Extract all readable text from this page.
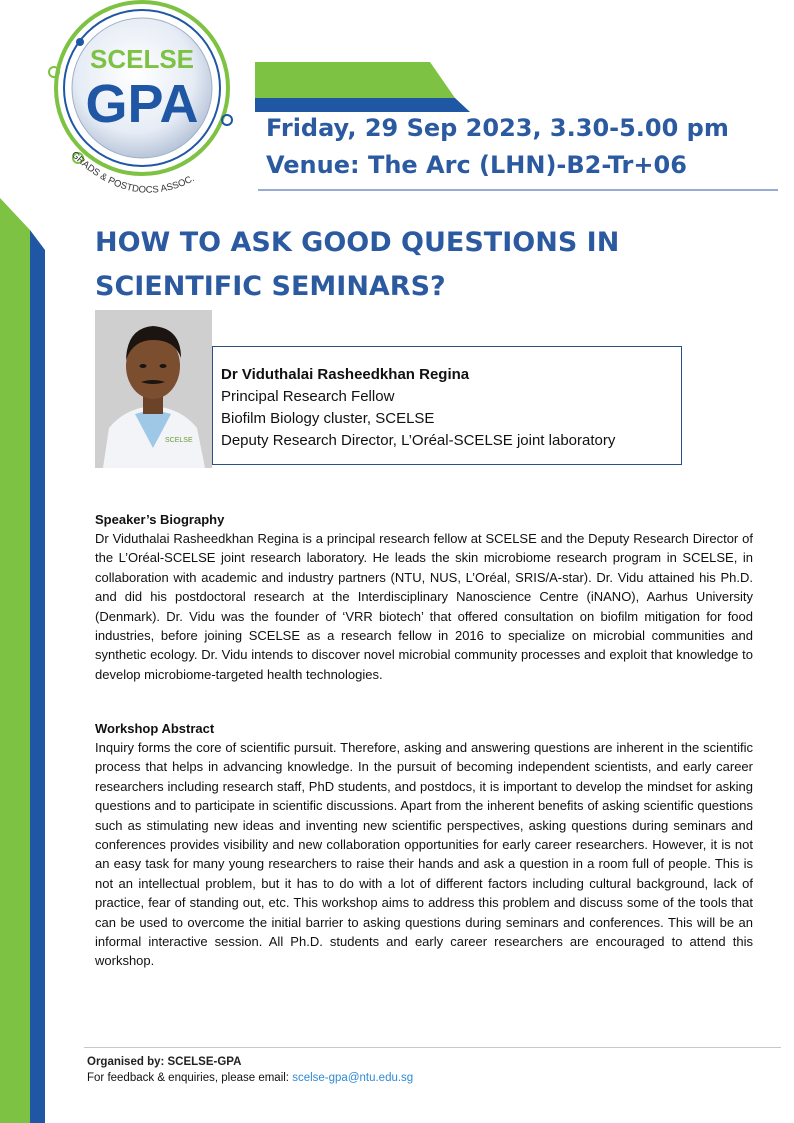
SCELSE
GPA
GRADS & POSTDOCS ASSOC.
Friday, 29 Sep 2023, 3.30-5.00 pm
Venue: The Arc (LHN)-B2-Tr+06
HOW TO ASK GOOD QUESTIONS IN
SCIENTIFIC SEMINARS?
SCELSE
Dr Viduthalai Rasheedkhan Regina
Principal Research Fellow
Biofilm Biology cluster, SCELSE
Deputy Research Director, L’Oréal-SCELSE joint laboratory
Speaker’s Biography

Dr Viduthalai Rasheedkhan Regina is a principal research fellow at SCELSE and the Deputy Research Director of the L’Oréal-SCELSE joint research laboratory. He leads the skin microbiome research program in SCELSE, in collaboration with academic and industry partners (NTU, NUS, L’Oréal, SRIS/A-star). Dr. Vidu attained his Ph.D. and did his postdoctoral research at the Interdisciplinary Nanoscience Centre (iNANO), Aarhus University (Denmark). Dr. Vidu was the founder of ‘VRR biotech’ that offered consultation on biofilm mitigation for food industries, before joining SCELSE as a research fellow in 2016 to specialize on microbial communities and synthetic ecology. Dr. Vidu intends to discover novel microbial community processes and exploit that knowledge to develop microbiome-targeted health technologies.

Workshop Abstract

Inquiry forms the core of scientific pursuit. Therefore, asking and answering questions are inherent in the scientific process that helps in advancing knowledge. In the pursuit of becoming independent scientists, and early career researchers including research staff, PhD students, and postdocs, it is important to develop the mindset for asking questions and to participate in scientific discussions. Apart from the inherent benefits of asking scientific questions such as stimulating new ideas and inventing new scientific perspectives, asking questions during seminars and conferences provides visibility and new collaboration opportunities for early career researchers. However, it is not an easy task for many young researchers to raise their hands and ask a question in a room full of people. This is not an intellectual problem, but it has to do with a lot of different factors including cultural background, lack of practice, fear of standing out, etc. This workshop aims to address this problem and discuss some of the tools that can be used to overcome the initial barrier to asking questions during seminars and conferences. This will be an informal interactive session. All Ph.D. students and early career researchers are encouraged to attend this workshop.

Organised by: SCELSE-GPA
For feedback & enquiries, please email: scelse-gpa@ntu.edu.sg
